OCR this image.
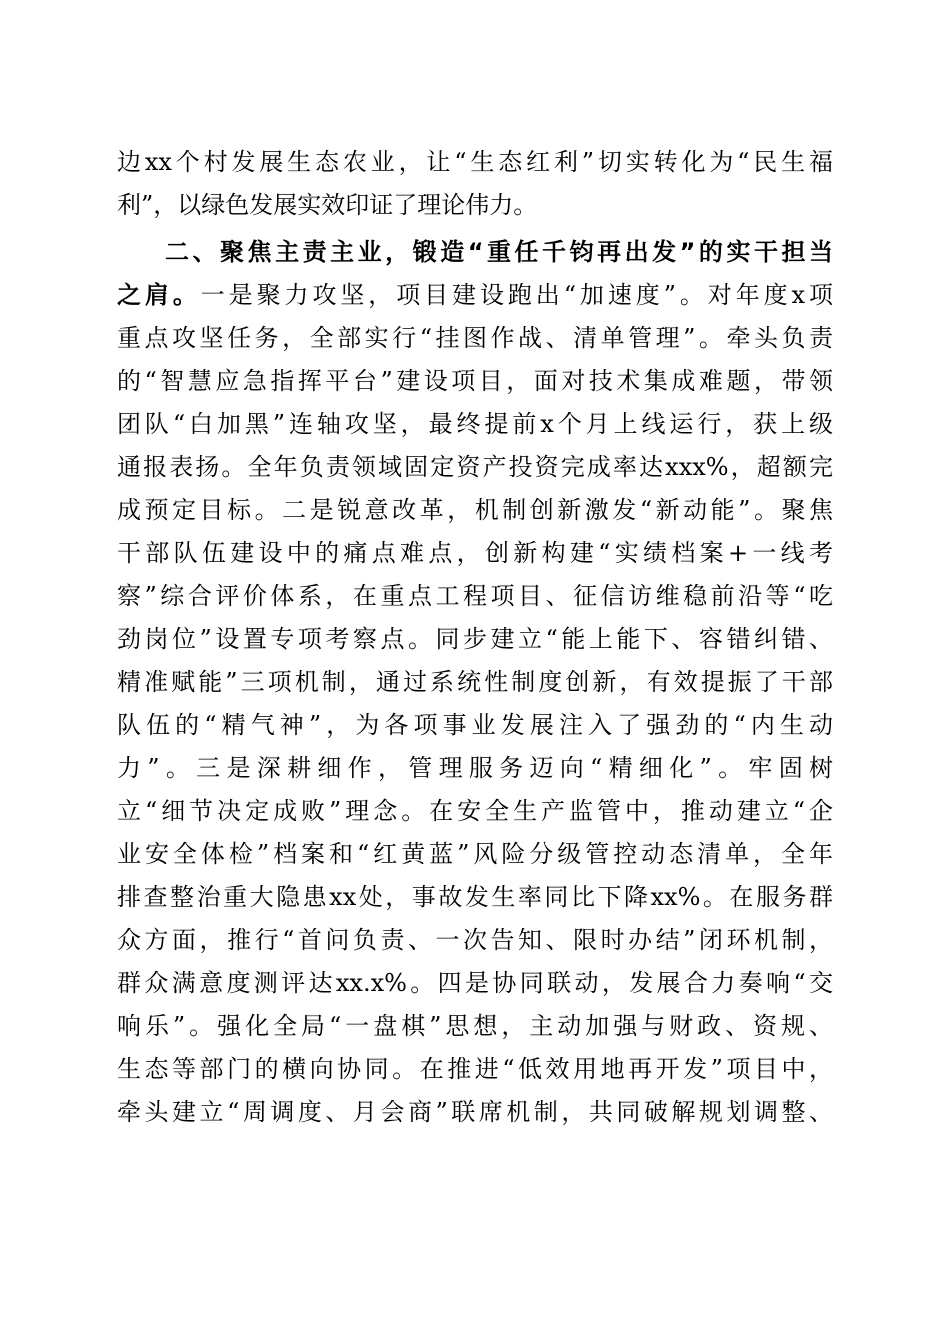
边xx个村发展生态农业，让“生态红利”切实转化为“民生福

利”，以绿色发展实效印证了理论伟力。

二、聚焦主责主业，锻造“重任千钧再出发”的实干担当

之肩。一是聚力攻坚，项目建设跑出“加速度”。对年度x项

重点攻坚任务，全部实行“挂图作战、清单管理”。牵头负责

的“智慧应急指挥平台”建设项目，面对技术集成难题，带领

团队“白加黑”连轴攻坚，最终提前x个月上线运行，获上级

通报表扬。全年负责领域固定资产投资完成率达xxx%，超额完

成预定目标。二是锐意改革，机制创新激发“新动能”。聚焦

干部队伍建设中的痛点难点，创新构建“实绩档案+一线考

察”综合评价体系，在重点工程项目、征信访维稳前沿等“吃

劲岗位”设置专项考察点。同步建立“能上能下、容错纠错、

精准赋能”三项机制，通过系统性制度创新，有效提振了干部

队伍的“精气神”，为各项事业发展注入了强劲的“内生动

力”。三是深耕细作，管理服务迈向“精细化”。牢固树

立“细节决定成败”理念。在安全生产监管中，推动建立“企

业安全体检”档案和“红黄蓝”风险分级管控动态清单，全年

排查整治重大隐患xx处，事故发生率同比下降xx%。在服务群

众方面，推行“首问负责、一次告知、限时办结”闭环机制，

群众满意度测评达xx.x%。四是协同联动，发展合力奏响“交

响乐”。强化全局“一盘棋”思想，主动加强与财政、资规、

生态等部门的横向协同。在推进“低效用地再开发”项目中，

牵头建立“周调度、月会商”联席机制，共同破解规划调整、
